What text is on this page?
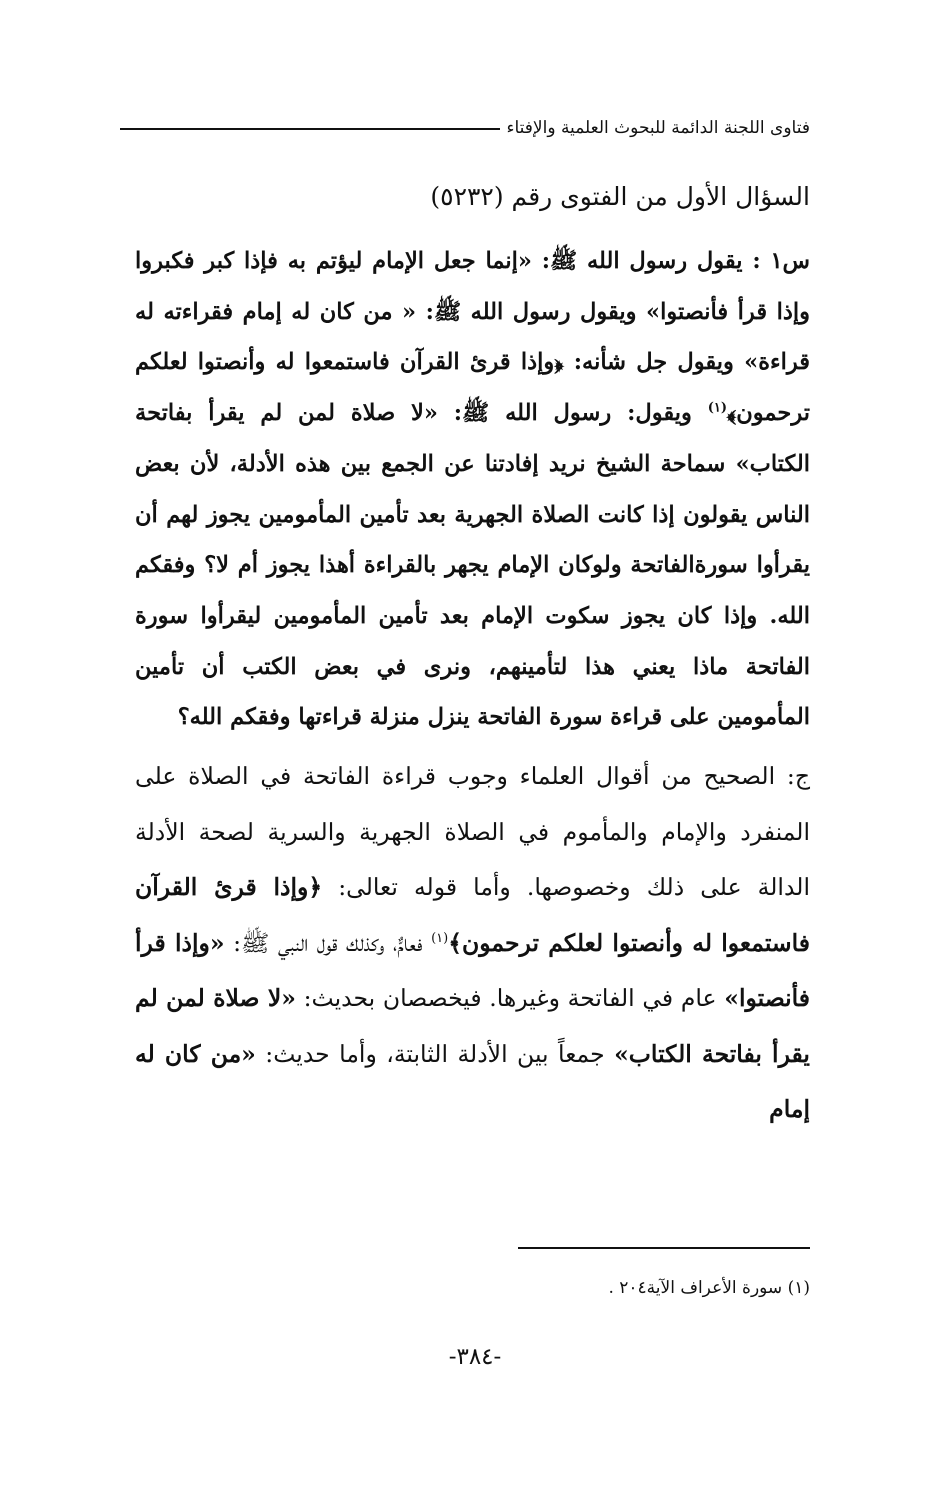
فتاوى اللجنة الدائمة للبحوث العلمية والإفتاء
السؤال الأول من الفتوى رقم (٥٢٣٢)

س١ : يقول رسول الله ﷺ: «إنما جعل الإمام ليؤتم به فإذا كبر فكبروا وإذا قرأ فأنصتوا» ويقول رسول الله ﷺ: « من كان له إمام فقراءته له قراءة» ويقول جل شأنه: ﴿وإذا قرئ القرآن فاستمعوا له وأنصتوا لعلكم ترحمون﴾$^{(١)}$ ويقول: رسول الله ﷺ: «لا صلاة لمن لم يقرأ بفاتحة الكتاب» سماحة الشيخ نريد إفادتنا عن الجمع بين هذه الأدلة، لأن بعض الناس يقولون إذا كانت الصلاة الجهرية بعد تأمين المأمومين يجوز لهم أن يقرأوا سورةالفاتحة ولوكان الإمام يجهر بالقراءة أهذا يجوز أم لا؟ وفقكم الله. وإذا كان يجوز سكوت الإمام بعد تأمين المأمومين ليقرأوا سورة الفاتحة ماذا يعني هذا لتأمينهم، ونرى في بعض الكتب أن تأمين المأمومين على قراءة سورة الفاتحة ينزل منزلة قراءتها وفقكم الله؟

ج: الصحيح من أقوال العلماء وجوب قراءة الفاتحة في الصلاة على المنفرد والإمام والمأموم في الصلاة الجهرية والسرية لصحة الأدلة الدالة على ذلك وخصوصها. وأما قوله تعالى: ﴿وإذا قرئ القرآن فاستمعوا له وأنصتوا لعلكم ترحمون﴾$^{(١)}$ فعامٌّ، وكذلك قول النبي ﷺ: «وإذا قرأ فأنصتوا» عام في الفاتحة وغيرها. فيخصصان بحديث: «لا صلاة لمن لم يقرأ بفاتحة الكتاب» جمعاً بين الأدلة الثابتة، وأما حديث: «من كان له إمام

(١) سورة الأعراف الآية٢٠٤ .
-٣٨٤-
